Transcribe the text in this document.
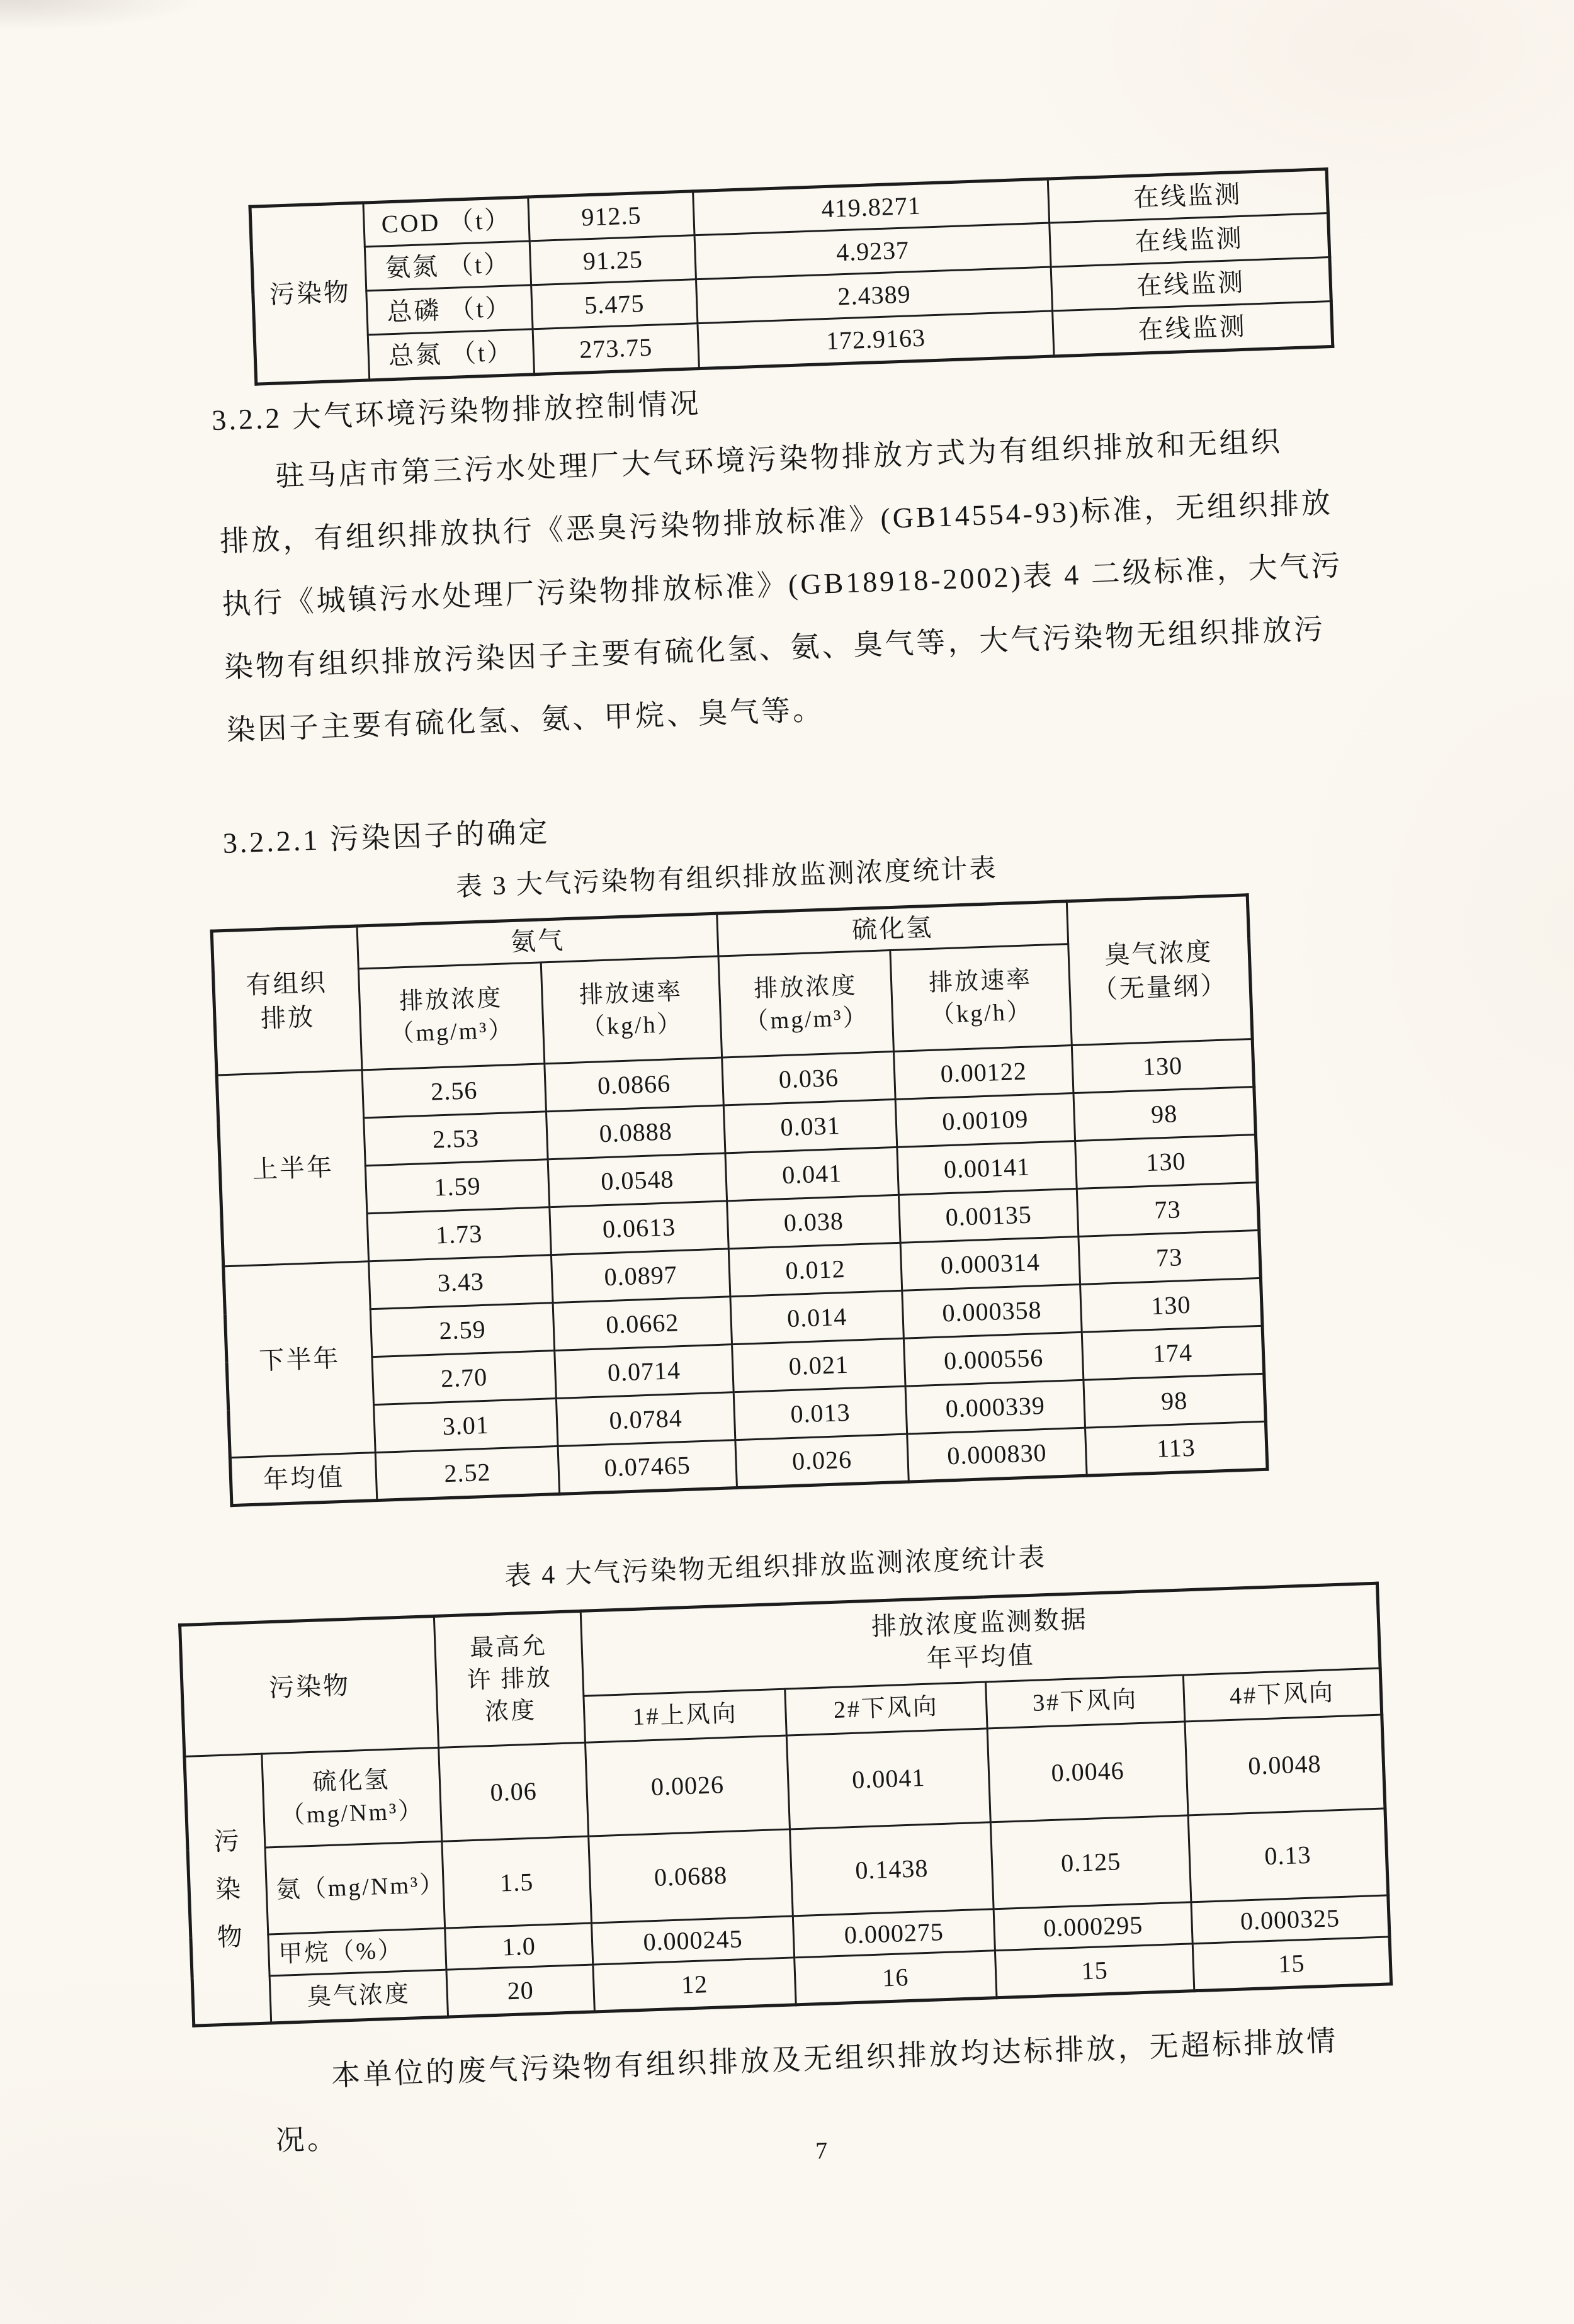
污染物	COD （t）	912.5	419.8271	在线监测
	氨氮 （t）	91.25	4.9237	在线监测
	总磷 （t）	5.475	2.4389	在线监测
	总氮 （t）	273.75	172.9163	在线监测
3.2.2 大气环境污染物排放控制情况
驻马店市第三污水处理厂大气环境污染物排放方式为有组织排放和无组织
排放，有组织排放执行《恶臭污染物排放标准》(GB14554-93)标准，无组织排放
执行《城镇污水处理厂污染物排放标准》(GB18918-2002)表 4 二级标准，大气污
染物有组织排放污染因子主要有硫化氢、氨、臭气等，大气污染物无组织排放污
染因子主要有硫化氢、氨、甲烷、臭气等。
3.2.2.1 污染因子的确定
表 3 大气污染物有组织排放监测浓度统计表
有组织
排放	氨气		硫化氢		臭气浓度
（无量纲）
	排放浓度
（mg/m³）	排放速率
（kg/h）	排放浓度
（mg/m³）	排放速率
（kg/h）	
上半年	2.56	0.0866	0.036	0.00122	130
	2.53	0.0888	0.031	0.00109	98
	1.59	0.0548	0.041	0.00141	130
	1.73	0.0613	0.038	0.00135	73
下半年	3.43	0.0897	0.012	0.000314	73
	2.59	0.0662	0.014	0.000358	130
	2.70	0.0714	0.021	0.000556	174
	3.01	0.0784	0.013	0.000339	98
年均值	2.52	0.07465	0.026	0.000830	113
表 4 大气污染物无组织排放监测浓度统计表
污染物		最高允
许 排放
浓度	排放浓度监测数据
年平均值			
			1#上风向	2#下风向	3#下风向	4#下风向
污
染
物	硫化氢
（mg/Nm³）	0.06	0.0026	0.0041	0.0046	0.0048
	氨（mg/Nm³）	1.5	0.0688	0.1438	0.125	0.13
	甲烷（%）	1.0	0.000245	0.000275	0.000295	0.000325
	臭气浓度	20	12	16	15	15
本单位的废气污染物有组织排放及无组织排放均达标排放，无超标排放情
况。	7
